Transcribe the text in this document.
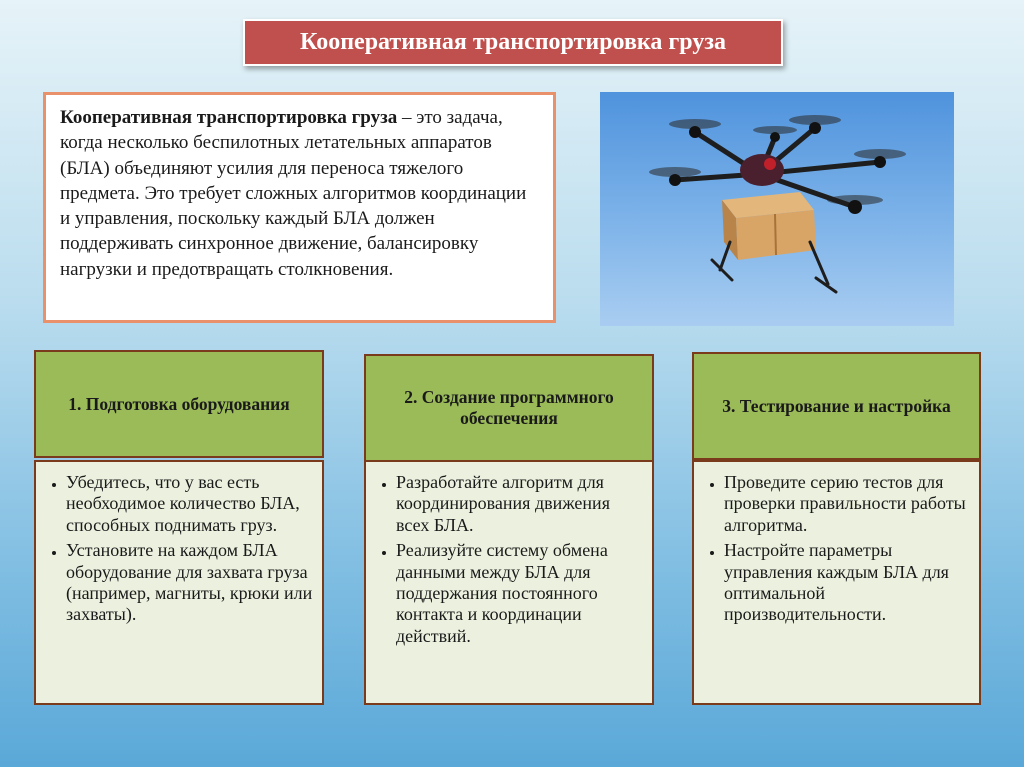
Кооперативная транспортировка груза
Кооперативная транспортировка груза – это задача, когда несколько беспилотных летательных аппаратов (БЛА) объединяют усилия для переноса тяжелого предмета. Это требует сложных алгоритмов координации и управления, поскольку каждый БЛА должен поддерживать синхронное движение, балансировку нагрузки и предотвращать столкновения.
1. Подготовка оборудования
• Убедитесь, что у вас есть необходимое количество БЛА, способных поднимать груз.
• Установите на каждом БЛА оборудование для захвата груза (например, магниты, крюки или захваты).
2. Создание программного обеспечения
• Разработайте алгоритм для координирования движения всех БЛА.
• Реализуйте систему обмена данными между БЛА для поддержания постоянного контакта и координации действий.
3. Тестирование и настройка
• Проведите серию тестов для проверки правильности работы алгоритма.
• Настройте параметры управления каждым БЛА для оптимальной производительности.
